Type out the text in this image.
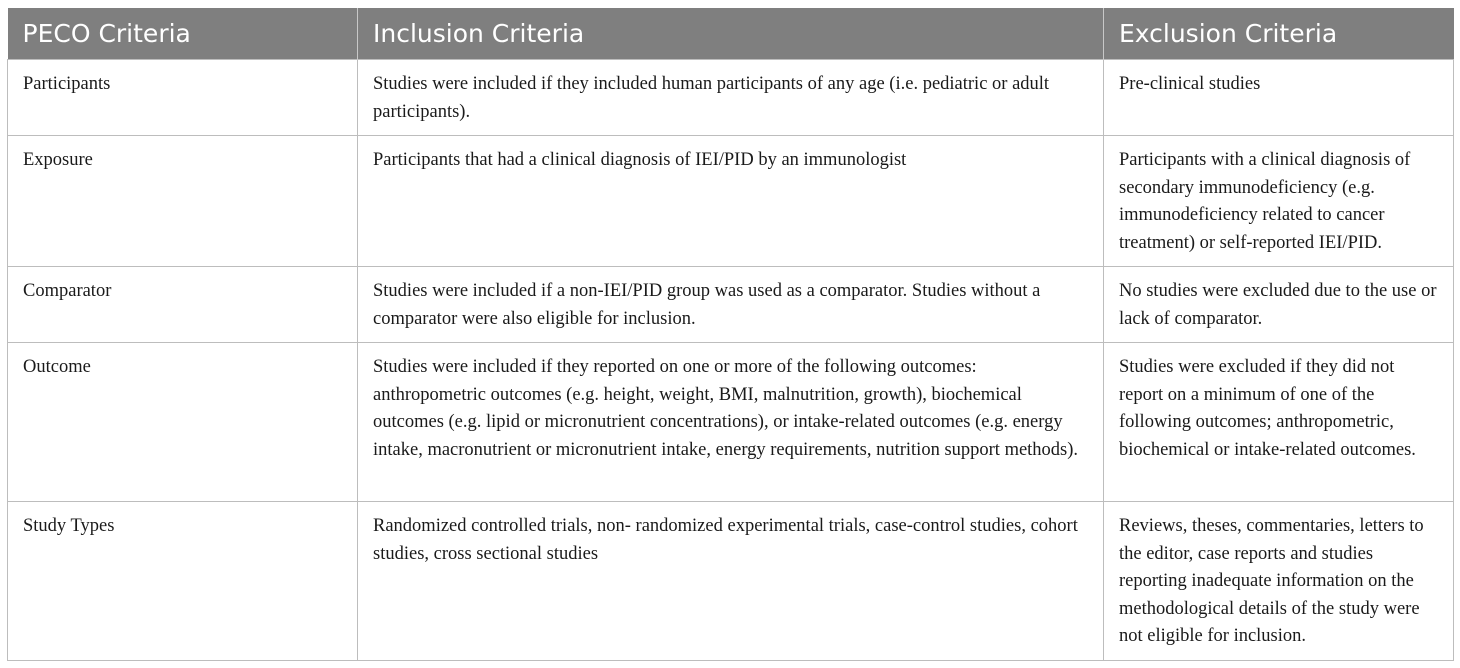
PECO Criteria	Inclusion Criteria	Exclusion Criteria
Participants	Studies were included if they included human participants of any age (i.e. pediatric or adult participants).	Pre-clinical studies
Exposure	Participants that had a clinical diagnosis of IEI/PID by an immunologist	Participants with a clinical diagnosis of secondary immunodeficiency (e.g. immunodeficiency related to cancer treatment) or self-reported IEI/PID.
Comparator	Studies were included if a non-IEI/PID group was used as a comparator. Studies without a comparator were also eligible for inclusion.	No studies were excluded due to the use or lack of comparator.
Outcome	Studies were included if they reported on one or more of the following outcomes: anthropometric outcomes (e.g. height, weight, BMI, malnutrition, growth), biochemical outcomes (e.g. lipid or micronutrient concentrations), or intake-related outcomes (e.g. energy intake, macronutrient or micronutrient intake, energy requirements, nutrition support methods).	Studies were excluded if they did not report on a minimum of one of the following outcomes; anthropometric, biochemical or intake-related outcomes.
Study Types	Randomized controlled trials, non- randomized experimental trials, case-control studies, cohort studies, cross sectional studies	Reviews, theses, commentaries, letters to the editor, case reports and studies reporting inadequate information on the methodological details of the study were not eligible for inclusion.
